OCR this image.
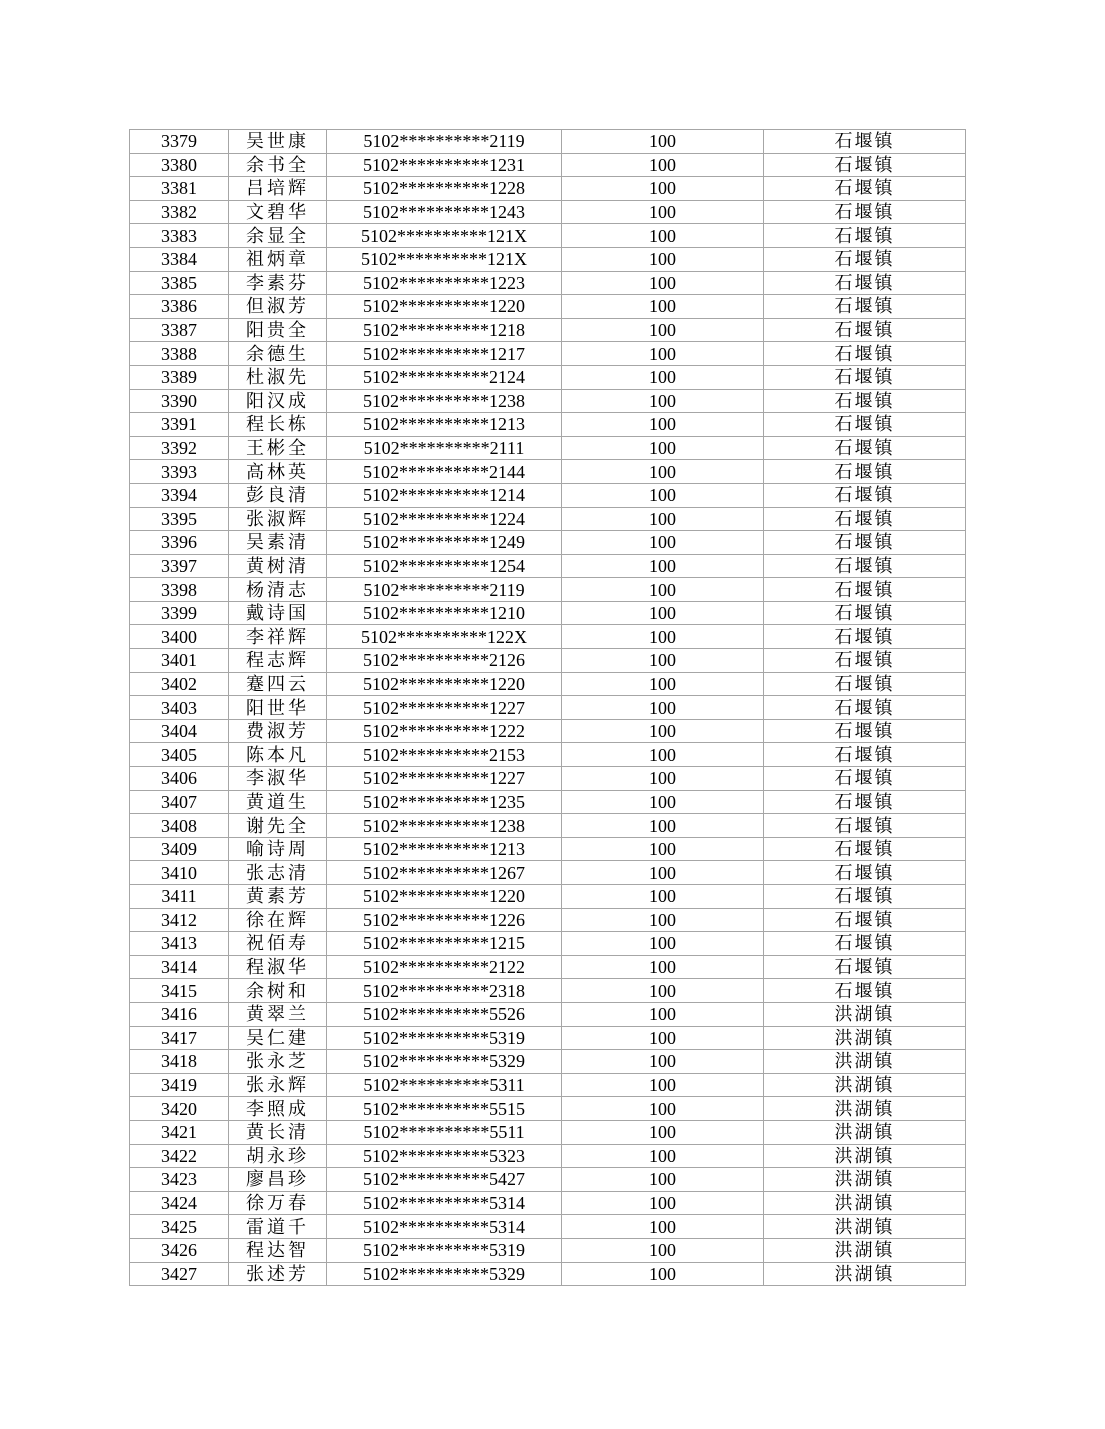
3379	吴世康	5102**********2119	100	石堰镇
3380	余书全	5102**********1231	100	石堰镇
3381	吕培辉	5102**********1228	100	石堰镇
3382	文碧华	5102**********1243	100	石堰镇
3383	余显全	5102**********121X	100	石堰镇
3384	祖炳章	5102**********121X	100	石堰镇
3385	李素芬	5102**********1223	100	石堰镇
3386	但淑芳	5102**********1220	100	石堰镇
3387	阳贵全	5102**********1218	100	石堰镇
3388	余德生	5102**********1217	100	石堰镇
3389	杜淑先	5102**********2124	100	石堰镇
3390	阳汉成	5102**********1238	100	石堰镇
3391	程长栋	5102**********1213	100	石堰镇
3392	王彬全	5102**********2111	100	石堰镇
3393	高林英	5102**********2144	100	石堰镇
3394	彭良清	5102**********1214	100	石堰镇
3395	张淑辉	5102**********1224	100	石堰镇
3396	吴素清	5102**********1249	100	石堰镇
3397	黄树清	5102**********1254	100	石堰镇
3398	杨清志	5102**********2119	100	石堰镇
3399	戴诗国	5102**********1210	100	石堰镇
3400	李祥辉	5102**********122X	100	石堰镇
3401	程志辉	5102**********2126	100	石堰镇
3402	蹇四云	5102**********1220	100	石堰镇
3403	阳世华	5102**********1227	100	石堰镇
3404	费淑芳	5102**********1222	100	石堰镇
3405	陈本凡	5102**********2153	100	石堰镇
3406	李淑华	5102**********1227	100	石堰镇
3407	黄道生	5102**********1235	100	石堰镇
3408	谢先全	5102**********1238	100	石堰镇
3409	喻诗周	5102**********1213	100	石堰镇
3410	张志清	5102**********1267	100	石堰镇
3411	黄素芳	5102**********1220	100	石堰镇
3412	徐在辉	5102**********1226	100	石堰镇
3413	祝佰寿	5102**********1215	100	石堰镇
3414	程淑华	5102**********2122	100	石堰镇
3415	余树和	5102**********2318	100	石堰镇
3416	黄翠兰	5102**********5526	100	洪湖镇
3417	吴仁建	5102**********5319	100	洪湖镇
3418	张永芝	5102**********5329	100	洪湖镇
3419	张永辉	5102**********5311	100	洪湖镇
3420	李照成	5102**********5515	100	洪湖镇
3421	黄长清	5102**********5511	100	洪湖镇
3422	胡永珍	5102**********5323	100	洪湖镇
3423	廖昌珍	5102**********5427	100	洪湖镇
3424	徐万春	5102**********5314	100	洪湖镇
3425	雷道千	5102**********5314	100	洪湖镇
3426	程达智	5102**********5319	100	洪湖镇
3427	张述芳	5102**********5329	100	洪湖镇
